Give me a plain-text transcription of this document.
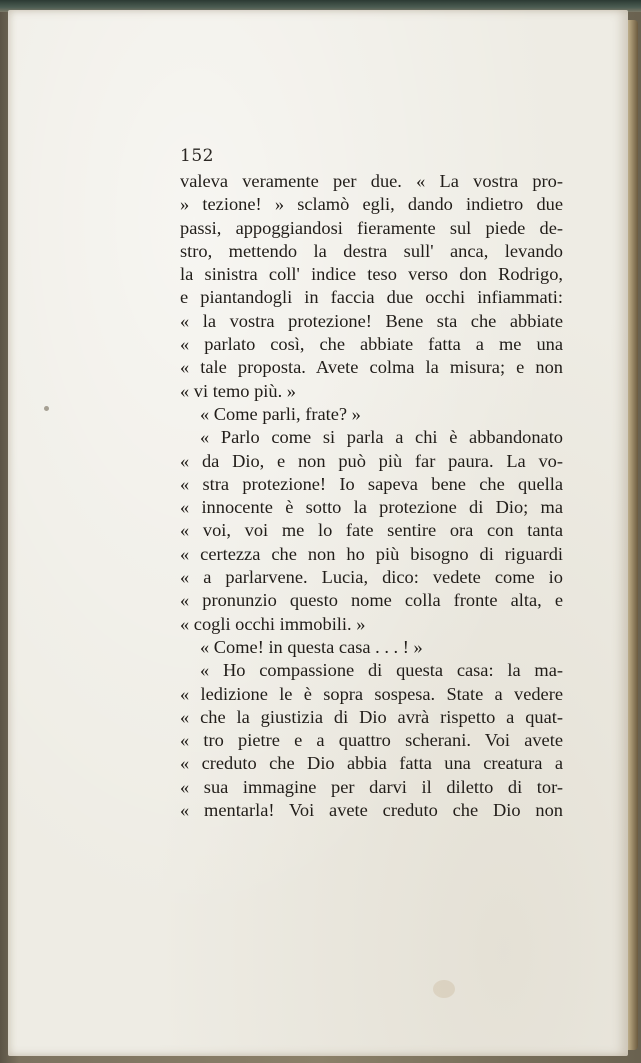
152
valeva veramente per due. « La vostra pro-
» tezione! » sclamò egli, dando indietro due
passi, appoggiandosi fieramente sul piede de-
stro, mettendo la destra sull' anca, levando
la sinistra coll' indice teso verso don Rodrigo,
e piantandogli in faccia due occhi infiammati:
« la vostra protezione! Bene sta che abbiate
« parlato così, che abbiate fatta a me una
« tale proposta. Avete colma la misura; e non
« vi temo più. »
« Come parli, frate? »
« Parlo come si parla a chi è abbandonato
« da Dio, e non può più far paura. La vo-
« stra protezione! Io sapeva bene che quella
« innocente è sotto la protezione di Dio; ma
« voi, voi me lo fate sentire ora con tanta
« certezza che non ho più bisogno di riguardi
« a parlarvene. Lucia, dico: vedete come io
« pronunzio questo nome colla fronte alta, e
« cogli occhi immobili. »
« Come! in questa casa . . . ! »
« Ho compassione di questa casa: la ma-
« ledizione le è sopra sospesa. State a vedere
« che la giustizia di Dio avrà rispetto a quat-
« tro pietre e a quattro scherani. Voi avete
« creduto che Dio abbia fatta una creatura a
« sua immagine per darvi il diletto di tor-
« mentarla! Voi avete creduto che Dio non
